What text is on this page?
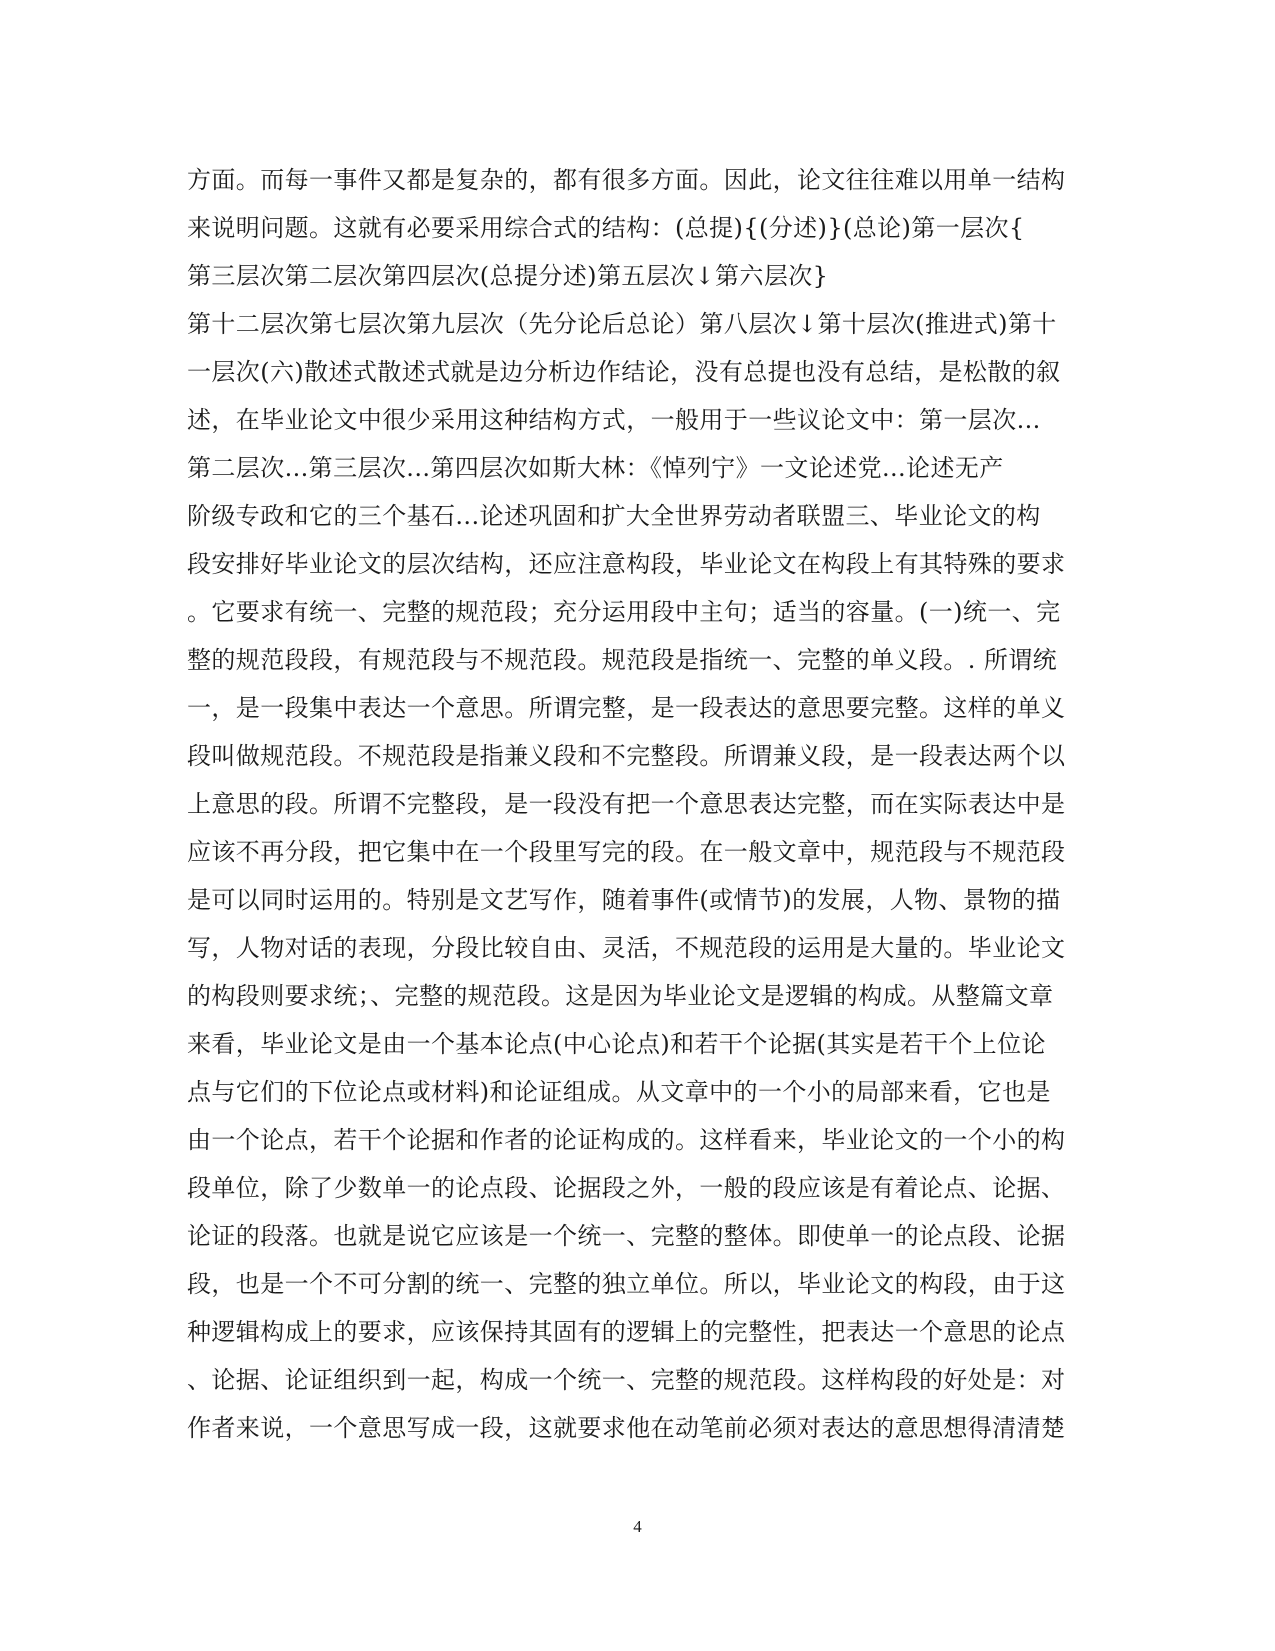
方面。而每一事件又都是复杂的，都有很多方面。因此，论文往往难以用单一结构
来说明问题。这就有必要采用综合式的结构：(总提){(分述)}(总论)第一层次{
第三层次第二层次第四层次(总提分述)第五层次↓第六层次}
第十二层次第七层次第九层次（先分论后总论）第八层次↓第十层次(推进式)第十
一层次(六)散述式散述式就是边分析边作结论，没有总提也没有总结，是松散的叙
述，在毕业论文中很少采用这种结构方式，一般用于一些议论文中：第一层次...
第二层次...第三层次...第四层次如斯大林：《悼列宁》一文论述党...论述无产
阶级专政和它的三个基石...论述巩固和扩大全世界劳动者联盟三、毕业论文的构
段安排好毕业论文的层次结构，还应注意构段，毕业论文在构段上有其特殊的要求
。它要求有统一、完整的规范段；充分运用段中主句；适当的容量。(一)统一、完
整的规范段段，有规范段与不规范段。规范段是指统一、完整的单义段。. 所谓统
一，是一段集中表达一个意思。所谓完整，是一段表达的意思要完整。这样的单义
段叫做规范段。不规范段是指兼义段和不完整段。所谓兼义段，是一段表达两个以
上意思的段。所谓不完整段，是一段没有把一个意思表达完整，而在实际表达中是
应该不再分段，把它集中在一个段里写完的段。在一般文章中，规范段与不规范段
是可以同时运用的。特别是文艺写作，随着事件(或情节)的发展，人物、景物的描
写，人物对话的表现，分段比较自由、灵活，不规范段的运用是大量的。毕业论文
的构段则要求统；、完整的规范段。这是因为毕业论文是逻辑的构成。从整篇文章
来看，毕业论文是由一个基本论点(中心论点)和若干个论据(其实是若干个上位论
点与它们的下位论点或材料)和论证组成。从文章中的一个小的局部来看，它也是
由一个论点，若干个论据和作者的论证构成的。这样看来，毕业论文的一个小的构
段单位，除了少数单一的论点段、论据段之外，一般的段应该是有着论点、论据、
论证的段落。也就是说它应该是一个统一、完整的整体。即使单一的论点段、论据
段，也是一个不可分割的统一、完整的独立单位。所以，毕业论文的构段，由于这
种逻辑构成上的要求，应该保持其固有的逻辑上的完整性，把表达一个意思的论点
、论据、论证组织到一起，构成一个统一、完整的规范段。这样构段的好处是：对
作者来说，一个意思写成一段，这就要求他在动笔前必须对表达的意思想得清清楚
4
